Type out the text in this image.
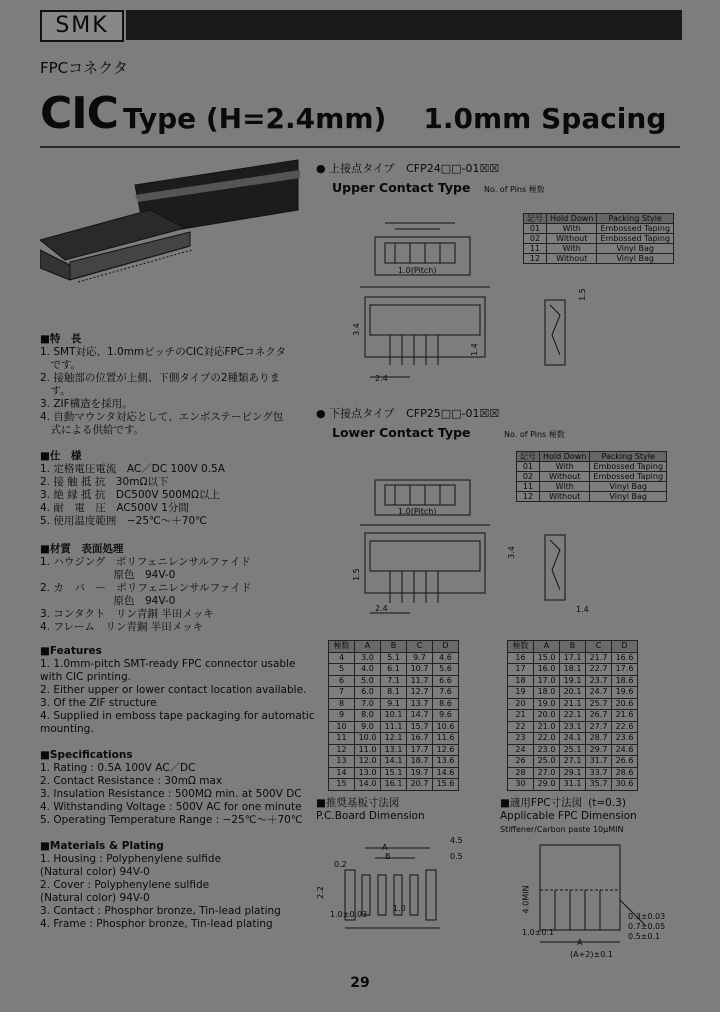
SMK
FPCコネクタ
CIC Type (H=2.4mm) 1.0mm Spacing
■特　長
1. SMT対応、1.0mmピッチのCIC対応FPCコネクタ
　です。
2. 接触部の位置が上側、下側タイプの2種類ありま
　す。
3. ZIF構造を採用。
4. 自動マウンタ対応として、エンボステーピング包
　式による供給です。
■仕　様
1. 定格電圧電流　AC／DC 100V 0.5A
2. 接 触 抵 抗　30mΩ以下
3. 絶 縁 抵 抗　DC500V 500MΩ以上
4. 耐　電　圧　AC500V 1分間
5. 使用温度範囲　−25℃～＋70℃
■材質　表面処理
1. ハウジング　ポリフェニレンサルファイド
　　　　　　　原色　94V-0
2. カ　バ　ー　ポリフェニレンサルファイド
　　　　　　　原色　94V-0
3. コンタクト　リン青銅 半田メッキ
4. フレーム　リン青銅 半田メッキ
■Features
1. 1.0mm-pitch SMT-ready FPC connector usable
with CIC printing.
2. Either upper or lower contact location available.
3. Of the ZIF structure
4. Supplied in emboss tape packaging for automatic
mounting.
■Specifications
1. Rating : 0.5A 100V AC／DC
2. Contact Resistance : 30mΩ max
3. Insulation Resistance : 500MΩ min. at 500V DC
4. Withstanding Voltage : 500V AC for one minute
5. Operating Temperature Range : −25℃～＋70℃
■Materials & Plating
1. Housing : Polyphenylene sulfide
(Natural color) 94V-0
2. Cover : Polyphenylene sulfide
(Natural color) 94V-0
3. Contact : Phosphor bronze, Tin-lead plating
4. Frame : Phosphor bronze, Tin-lead plating
● 上接点タイプ CFP24□□-01☒☒
Upper Contact Type No. of Pins 極数
記号	Hold Down	Packing Style
01	With	Embossed Taping
02	Without	Embossed Taping
11	With	Vinyl Bag
12	Without	Vinyl Bag
1.0(Pitch)
3.4
2.4
1.4
1.5
● 下接点タイプ CFP25□□-01☒☒
Lower Contact Type	No. of Pins 極数
記号	Hold Down	Packing Style
01	With	Embossed Taping
02	Without	Embossed Taping
11	With	Vinyl Bag
12	Without	Vinyl Bag
1.0(Pitch)
3.4
2.4
1.5
1.4
極数	A	B	C	D
4	3.0	5.1	9.7	4.6
5	4.0	6.1	10.7	5.6
6	5.0	7.1	11.7	6.6
7	6.0	8.1	12.7	7.6
8	7.0	9.1	13.7	8.6
9	8.0	10.1	14.7	9.6
10	9.0	11.1	15.7	10.6
11	10.0	12.1	16.7	11.6
12	11.0	13.1	17.7	12.6
13	12.0	14.1	18.7	13.6
14	13.0	15.1	19.7	14.6
15	14.0	16.1	20.7	15.6
極数	A	B	C	D
16	15.0	17.1	21.7	16.6
17	16.0	18.1	22.7	17.6
18	17.0	19.1	23.7	18.6
19	18.0	20.1	24.7	19.6
20	19.0	21.1	25.7	20.6
21	20.0	22.1	26.7	21.6
22	21.0	23.1	27.7	22.6
23	22.0	24.1	28.7	23.6
24	23.0	25.1	29.7	24.6
26	25.0	27.1	31.7	26.6
28	27.0	29.1	33.7	28.6
30	29.0	31.1	35.7	30.6
■推奨基板寸法図
P.C.Board Dimension
A
B
4.5
0.5
0.2
2.2
1.0
1.0±0.03
■適用FPC寸法図 (t=0.3)
Applicable FPC Dimension
Stiffener/Carbon paste 10μMIN
4.0MIN
1.0±0.1
A
0.3±0.03
0.7±0.05
0.5±0.1
(A+2)±0.1
29
